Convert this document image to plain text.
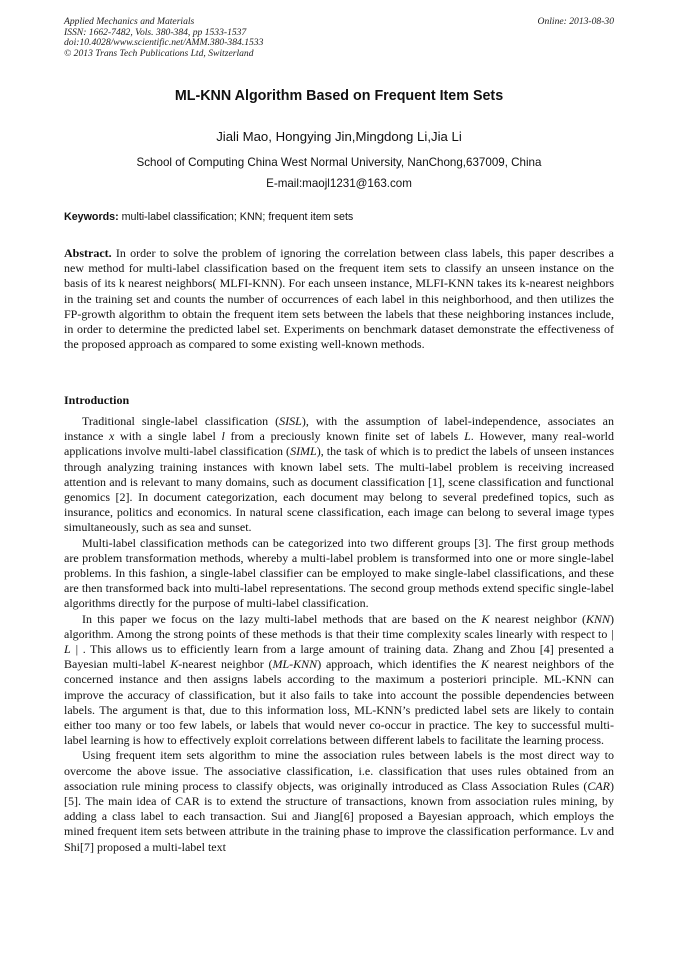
Applied Mechanics and Materials
ISSN: 1662-7482, Vols. 380-384, pp 1533-1537
doi:10.4028/www.scientific.net/AMM.380-384.1533
© 2013 Trans Tech Publications Ltd, Switzerland
Online: 2013-08-30
ML-KNN Algorithm Based on Frequent Item Sets
Jiali Mao, Hongying Jin,Mingdong Li,Jia Li
School of Computing China West Normal University, NanChong,637009, China
E-mail:maojl1231@163.com
Keywords: multi-label classification; KNN; frequent item sets
Abstract. In order to solve the problem of ignoring the correlation between class labels, this paper describes a new method for multi-label classification based on the frequent item sets to classify an unseen instance on the basis of its k nearest neighbors( MLFI-KNN). For each unseen instance, MLFI-KNN takes its k-nearest neighbors in the training set and counts the number of occurrences of each label in this neighborhood, and then utilizes the FP-growth algorithm to obtain the frequent item sets between the labels that these neighboring instances include, in order to determine the predicted label set. Experiments on benchmark dataset demonstrate the effectiveness of the proposed approach as compared to some existing well-known methods.
Introduction

Traditional single-label classification (SISL), with the assumption of label-independence, associates an instance x with a single label l from a preciously known finite set of labels L. However, many real-world applications involve multi-label classification (SIML), the task of which is to predict the labels of unseen instances through analyzing training instances with known label sets. The multi-label problem is receiving increased attention and is relevant to many domains, such as document classification [1], scene classification and functional genomics [2]. In document categorization, each document may belong to several predefined topics, such as insurance, politics and economics. In natural scene classification, each image can belong to several image types simultaneously, such as sea and sunset.

Multi-label classification methods can be categorized into two different groups [3]. The first group methods are problem transformation methods, whereby a multi-label problem is transformed into one or more single-label problems. In this fashion, a single-label classifier can be employed to make single-label classifications, and these are then transformed back into multi-label representations. The second group methods extend specific single-label algorithms directly for the purpose of multi-label classification.

In this paper we focus on the lazy multi-label methods that are based on the K nearest neighbor (KNN) algorithm. Among the strong points of these methods is that their time complexity scales linearly with respect to | L | . This allows us to efficiently learn from a large amount of training data. Zhang and Zhou [4] presented a Bayesian multi-label K-nearest neighbor (ML-KNN) approach, which identifies the K nearest neighbors of the concerned instance and then assigns labels according to the maximum a posteriori principle. ML-KNN can improve the accuracy of classification, but it also fails to take into account the possible dependencies between labels. The argument is that, due to this information loss, ML-KNN’s predicted label sets are likely to contain either too many or too few labels, or labels that would never co-occur in practice. The key to successful multi-label learning is how to effectively exploit correlations between different labels to facilitate the learning process.

Using frequent item sets algorithm to mine the association rules between labels is the most direct way to overcome the above issue. The associative classification, i.e. classification that uses rules obtained from an association rule mining process to classify objects, was originally introduced as Class Association Rules (CAR) [5]. The main idea of CAR is to extend the structure of transactions, known from association rules mining, by adding a class label to each transaction. Sui and Jiang[6] proposed a Bayesian approach, which employs the mined frequent item sets between attribute in the training phase to improve the classification performance. Lv and Shi[7] proposed a multi-label text
